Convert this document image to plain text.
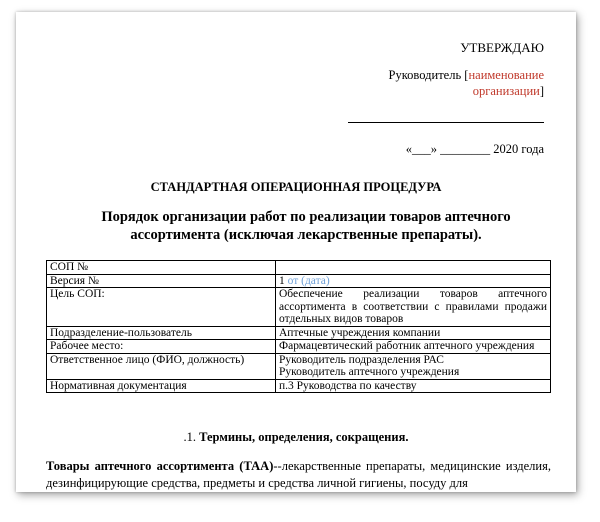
УТВЕРЖДАЮ
Руководитель [наименование организации]
«___» ________ 2020 года
СТАНДАРТНАЯ ОПЕРАЦИОННАЯ ПРОЦЕДУРА
Порядок организации работ по реализации товаров аптечного ассортимента (исключая лекарственные препараты).
СОП №	
Версия №	1 от (дата)
Цель СОП:	Обеспечение реализации товаров аптечного ассортимента в соответствии с правилами продажи отдельных видов товаров
Подразделение-пользователь	Аптечные учреждения компании
Рабочее место:	Фармацевтический работник аптечного учреждения
Ответственное лицо (ФИО, должность)	Руководитель подразделения РАС
Руководитель аптечного учреждения

Нормативная документация	п.3 Руководства по качеству
.1. Термины, определения, сокращения.
Товары аптечного ассортимента (ТАА)--лекарственные препараты, медицинские изделия, дезинфицирующие средства, предметы и средства личной гигиены, посуду для
